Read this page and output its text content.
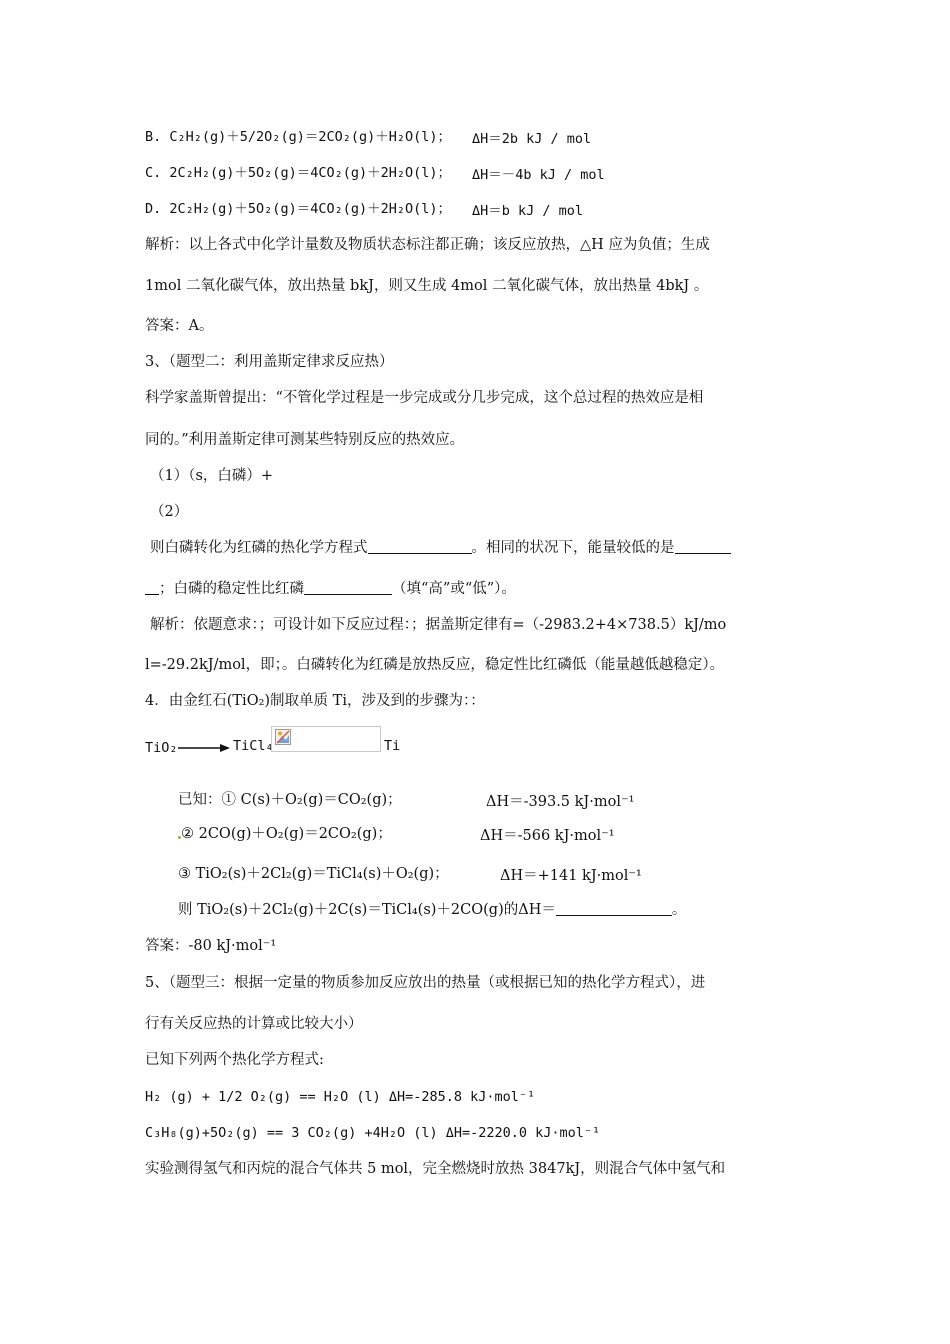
B. C₂H₂(g)＋5/2O₂(g)＝2CO₂(g)＋H₂O(l)； ΔH＝2b kJ / mol
C. 2C₂H₂(g)＋5O₂(g)＝4CO₂(g)＋2H₂O(l)； ΔH＝－4b kJ / mol
D. 2C₂H₂(g)＋5O₂(g)＝4CO₂(g)＋2H₂O(l)； ΔH＝b kJ / mol
解析：以上各式中化学计量数及物质状态标注都正确；该反应放热，△H 应为负值；生成
1mol 二氧化碳气体，放出热量 bkJ，则又生成 4mol 二氧化碳气体，放出热量 4bkJ 。
答案：A。
3、（题型二：利用盖斯定律求反应热）
科学家盖斯曾提出：“不管化学过程是一步完成或分几步完成，这个总过程的热效应是相
同的。”利用盖斯定律可测某些特别反应的热效应。
（1）（s，白磷）+
（2）
则白磷转化为红磷的热化学方程式	。相同的状况下，能量较低的是
；白磷的稳定性比红磷	（填“高”或“低”）。
解析：依题意求：；可设计如下反应过程：；据盖斯定律有=（-2983.2+4×738.5）kJ/mo
l=-29.2kJ/mol，即；。白磷转化为红磷是放热反应，稳定性比红磷低（能量越低越稳定）。
4．由金红石(TiO₂)制取单质 Ti，涉及到的步骤为：：
TiO₂	TiCl₄	Ti
已知：① C(s)＋O₂(g)＝CO₂(g)；	ΔH＝-393.5 kJ·mol⁻¹
② 2CO(g)＋O₂(g)＝2CO₂(g)；	ΔH＝-566 kJ·mol⁻¹
③ TiO₂(s)＋2Cl₂(g)＝TiCl₄(s)＋O₂(g)；	ΔH＝+141 kJ·mol⁻¹
则 TiO₂(s)＋2Cl₂(g)＋2C(s)＝TiCl₄(s)＋2CO(g)的ΔH＝	。
答案：-80 kJ·mol⁻¹
5、（题型三：根据一定量的物质参加反应放出的热量（或根据已知的热化学方程式），进
行有关反应热的计算或比较大小）
已知下列两个热化学方程式:
H₂ (g) + 1/2 O₂(g) == H₂O (l) ΔH=-285.8 kJ·mol⁻¹
C₃H₈(g)+5O₂(g) == 3 CO₂(g) +4H₂O (l) ΔH=-2220.0 kJ·mol⁻¹
实验测得氢气和丙烷的混合气体共 5 mol，完全燃烧时放热 3847kJ，则混合气体中氢气和
